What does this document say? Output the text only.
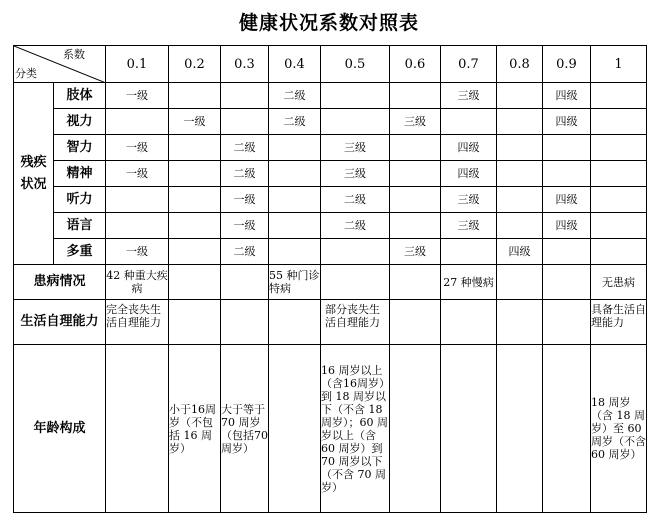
健康状况系数对照表
系数
分类		0.1	0.2	0.3	0.4	0.5	0.6	0.7	0.8	0.9	1
残疾状况	肢体	一级			二级			三级		四级	
	视力		一级		二级		三级			四级	
	智力	一级		二级		三级		四级			
	精神	一级		二级		三级		四级			
	听力			一级		二级		三级		四级	
	语言			一级		二级		三级		四级	
	多重	一级		二级			三级		四级		
患病情况		42 种重大疾病			55 种门诊特病			27 种慢病			无患病
生活自理能力		完全丧失生活自理能力				部分丧失生活自理能力					具备生活自理能力
年龄构成			小于16周岁（不包括 16 周岁）	大于等于70 周岁（包括70周岁）		16 周岁以上（含16周岁）到 18 周岁以下（不含 18 周岁）；60 周岁以上（含 60 周岁）到 70 周岁以下（不含 70 周岁）					18 周岁（含 18 周岁）至 60 周岁（不含 60 周岁）
